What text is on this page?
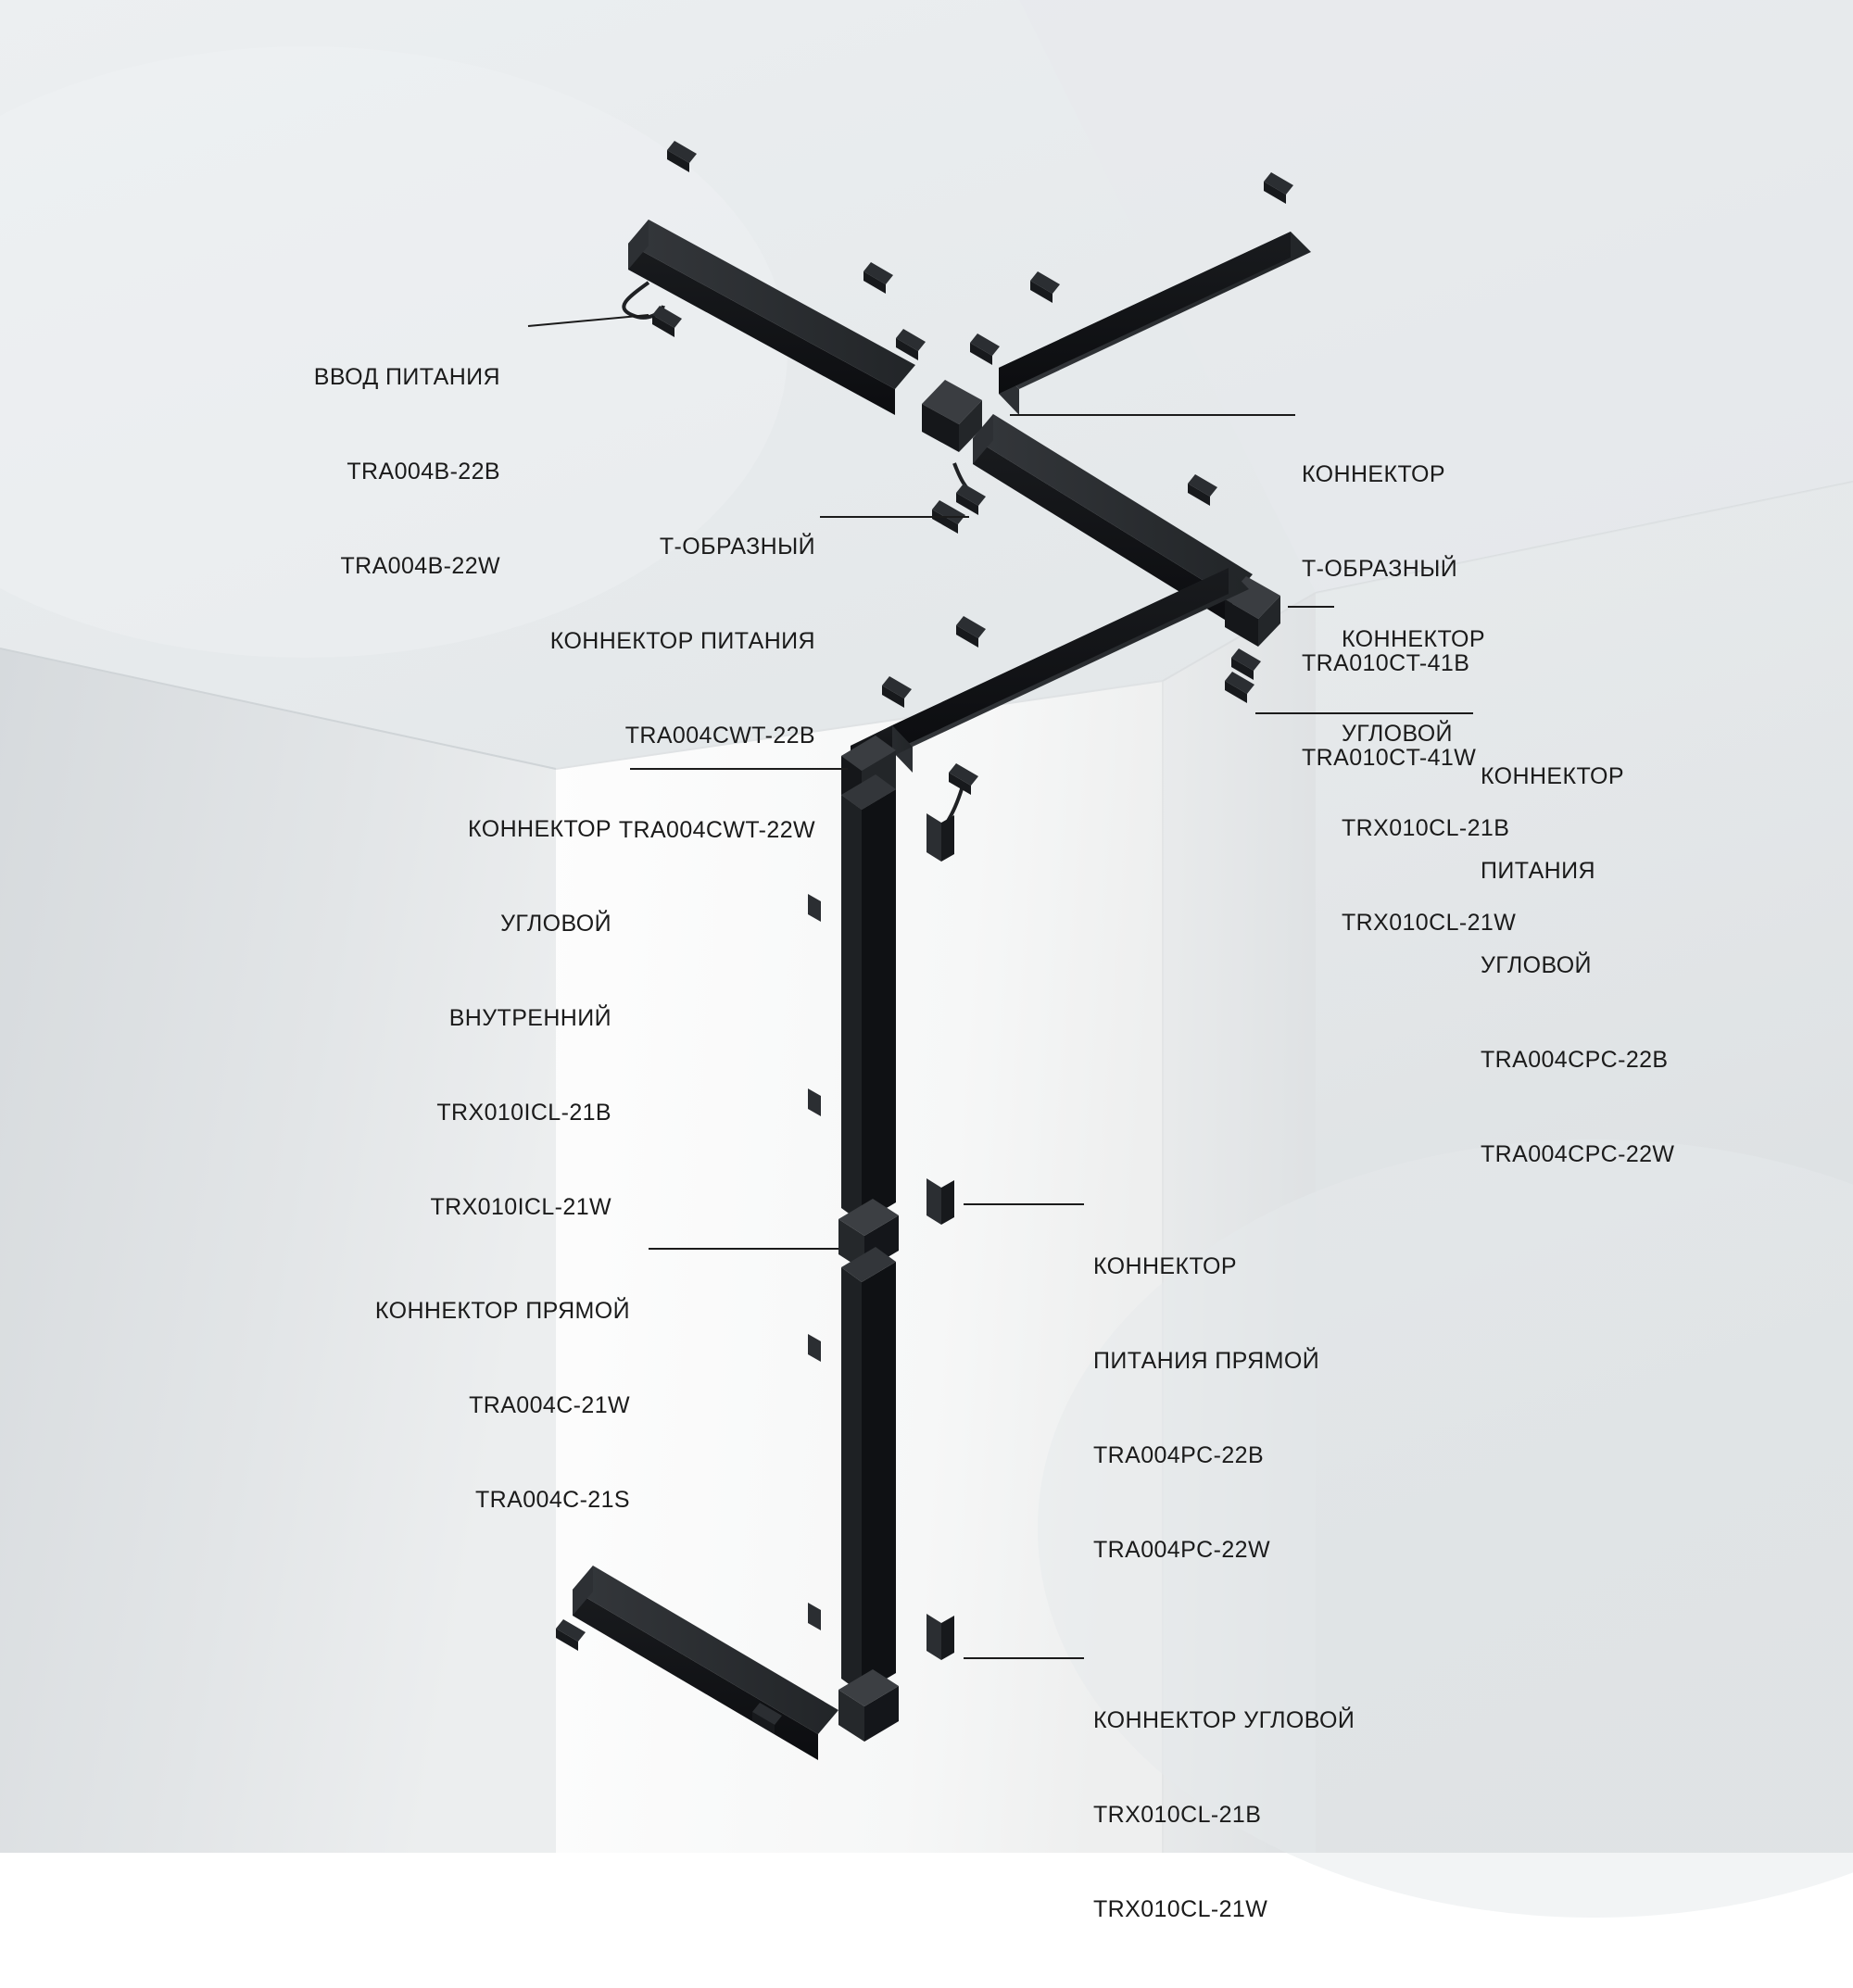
ВВОД ПИТАНИЯ

TRA004B-22B

TRA004B-22W

КОННЕКТОР

Т-ОБРАЗНЫЙ

TRA010CT-41B

TRA010CT-41W

Т-ОБРАЗНЫЙ

КОННЕКТОР ПИТАНИЯ

TRA004CWT-22B

TRA004CWT-22W

КОННЕКТОР

УГЛОВОЙ

TRX010CL-21B

TRX010CL-21W

КОННЕКТОР

ПИТАНИЯ

УГЛОВОЙ

TRA004CPC-22B

TRA004CPC-22W

КОННЕКТОР

УГЛОВОЙ

ВНУТРЕННИЙ

TRX010ICL-21B

TRX010ICL-21W

КОННЕКТОР ПРЯМОЙ

TRA004C-21W

TRA004C-21S

КОННЕКТОР

ПИТАНИЯ ПРЯМОЙ

TRA004PC-22B

TRA004PC-22W

КОННЕКТОР УГЛОВОЙ

TRX010CL-21B

TRX010CL-21W
